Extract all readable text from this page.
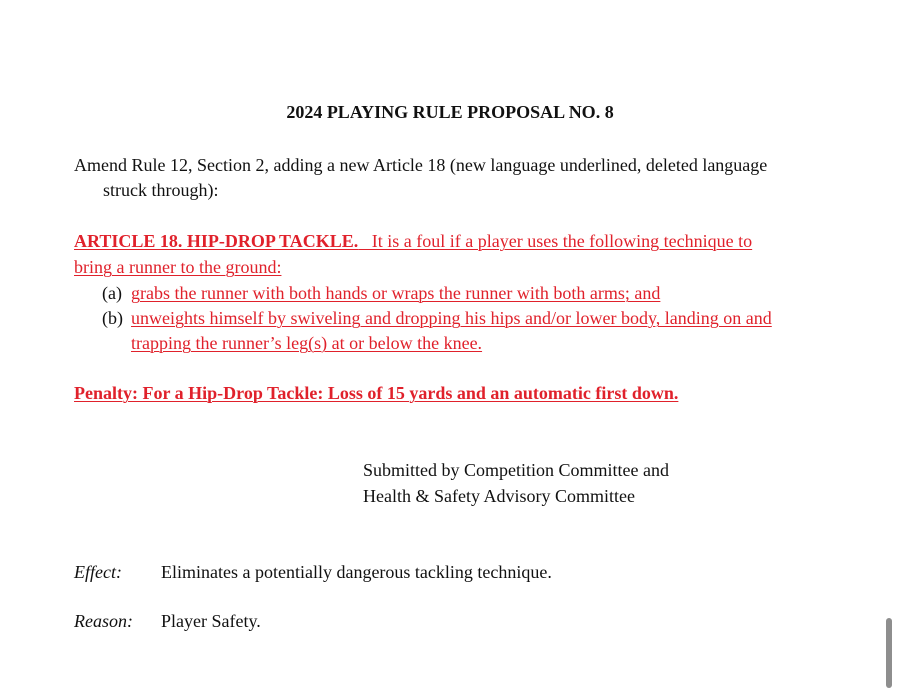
2024 PLAYING RULE PROPOSAL NO. 8
Amend Rule 12, Section 2, adding a new Article 18 (new language underlined, deleted language
struck through):
ARTICLE 18. HIP-DROP TACKLE.   It is a foul if a player uses the following technique to
bring a runner to the ground:
(a) grabs the runner with both hands or wraps the runner with both arms; and
(b) unweights himself by swiveling and dropping his hips and/or lower body, landing on and
trapping the runner’s leg(s) at or below the knee.
Penalty: For a Hip-Drop Tackle: Loss of 15 yards and an automatic first down.
Submitted by Competition Committee and
Health & Safety Advisory Committee
Effect: Eliminates a potentially dangerous tackling technique.
Reason: Player Safety.
